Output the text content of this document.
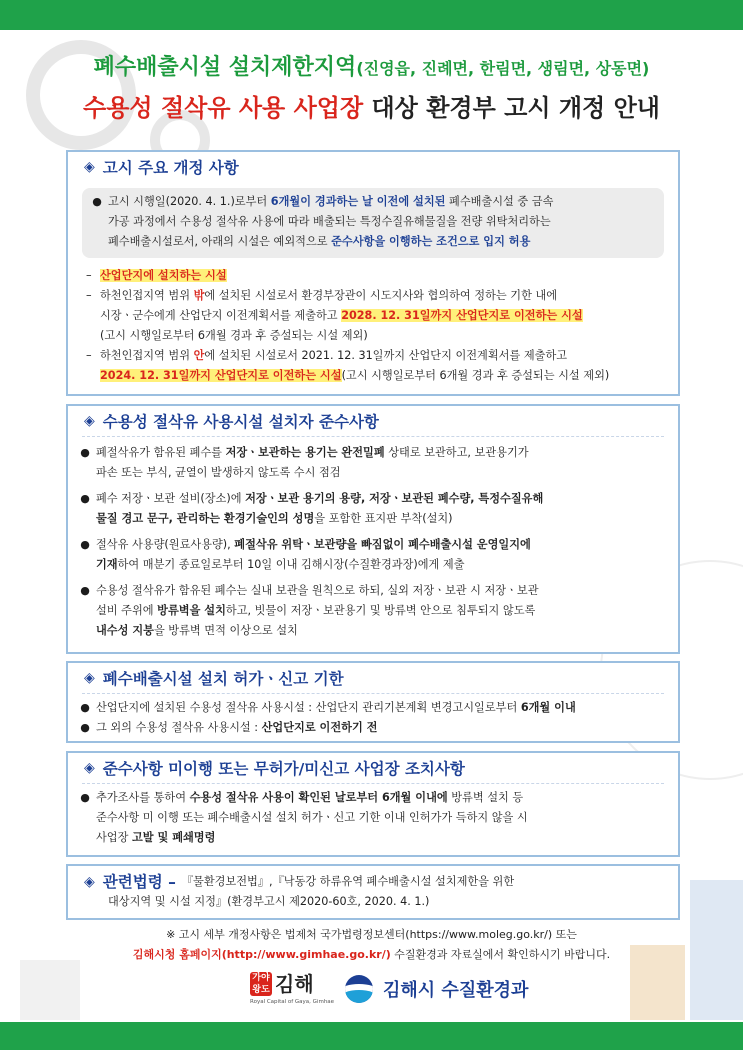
폐수배출시설 설치제한지역(진영읍, 진례면, 한림면, 생림면, 상동면)
수용성 절삭유 사용 사업장 대상 환경부 고시 개정 안내
◈ 고시 주요 개정 사항
● 고시 시행일(2020. 4. 1.)로부터 6개월이 경과하는 날 이전에 설치된 폐수배출시설 중 금속
가공 과정에서 수용성 절삭유 사용에 따라 배출되는 특정수질유해물질을 전량 위탁처리하는
폐수배출시설로서, 아래의 시설은 예외적으로 준수사항을 이행하는 조건으로 입지 허용
– 산업단지에 설치하는 시설
– 하천인접지역 범위 밖에 설치된 시설로서 환경부장관이 시도지사와 협의하여 정하는 기한 내에
시장ㆍ군수에게 산업단지 이전계획서를 제출하고 2028. 12. 31일까지 산업단지로 이전하는 시설
(고시 시행일로부터 6개월 경과 후 증설되는 시설 제외)
– 하천인접지역 범위 안에 설치된 시설로서 2021. 12. 31일까지 산업단지 이전계획서를 제출하고
2024. 12. 31일까지 산업단지로 이전하는 시설(고시 시행일로부터 6개월 경과 후 증설되는 시설 제외)
◈ 수용성 절삭유 사용시설 설치자 준수사항
● 폐절삭유가 함유된 폐수를 저장ㆍ보관하는 용기는 완전밀폐 상태로 보관하고, 보관용기가
파손 또는 부식, 균열이 발생하지 않도록 수시 점검
● 폐수 저장ㆍ보관 설비(장소)에 저장ㆍ보관 용기의 용량, 저장ㆍ보관된 폐수량, 특정수질유해
물질 경고 문구, 관리하는 환경기술인의 성명을 포함한 표지판 부착(설치)
● 절삭유 사용량(원료사용량), 폐절삭유 위탁ㆍ보관량을 빠짐없이 폐수배출시설 운영일지에
기재하여 매분기 종료일로부터 10일 이내 김해시장(수질환경과장)에게 제출
● 수용성 절삭유가 함유된 폐수는 실내 보관을 원칙으로 하되, 실외 저장ㆍ보관 시 저장ㆍ보관
설비 주위에 방류벽을 설치하고, 빗물이 저장ㆍ보관용기 및 방류벽 안으로 침투되지 않도록
내수성 지붕을 방류벽 면적 이상으로 설치
◈ 폐수배출시설 설치 허가ㆍ신고 기한
● 산업단지에 설치된 수용성 절삭유 사용시설 : 산업단지 관리기본계획 변경고시일로부터 6개월 이내
● 그 외의 수용성 절삭유 사용시설 : 산업단지로 이전하기 전
◈ 준수사항 미이행 또는 무허가/미신고 사업장 조치사항
● 추가조사를 통하여 수용성 절삭유 사용이 확인된 날로부터 6개월 이내에 방류벽 설치 등
준수사항 미 이행 또는 폐수배출시설 설치 허가ㆍ신고 기한 이내 인허가가 득하지 않을 시
사업장 고발 및 폐쇄명령
◈ 관련법령 – 『물환경보전법』,『낙동강 하류유역 폐수배출시설 설치제한을 위한
대상지역 및 시설 지정』(환경부고시 제2020-60호, 2020. 4. 1.)
※ 고시 세부 개정사항은 법제처 국가법령정보센터(https://www.moleg.go.kr/) 또는
김해시청 홈페이지(http://www.gimhae.go.kr/) 수질환경과 자료실에서 확인하시기 바랍니다.
가야왕도 김해
Royal Capital of Gaya, Gimhae
김해시 수질환경과
